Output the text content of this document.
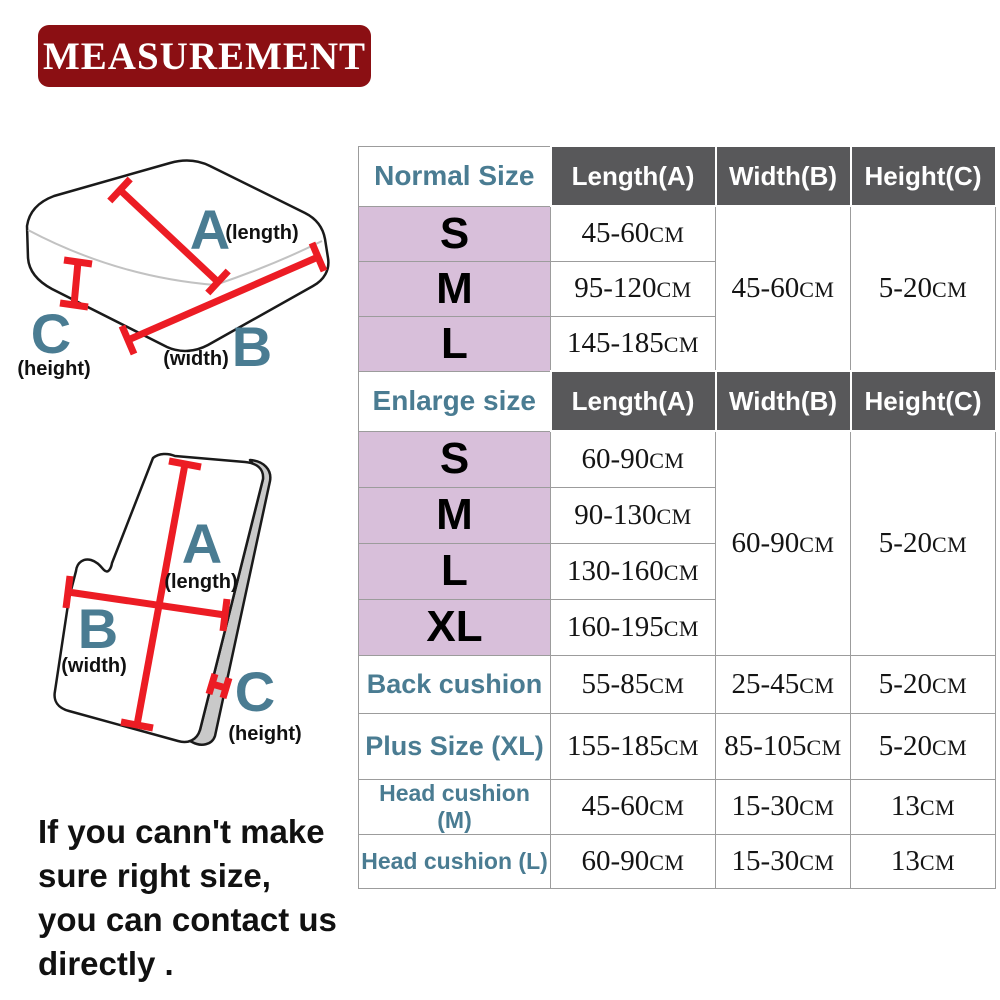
MEASUREMENT
A
(length)
B
(width)
C
(height)
A
(length)
B
(width) C
(height)
If you cann't make
sure right size,
you can contact us
directly .
Normal Size	Length(A)	Width(B)	Height(C)
S	45-60CM	45-60CM	5-20CM
M	95-120CM		
L	145-185CM		
Enlarge size	Length(A)	Width(B)	Height(C)
S	60-90CM	60-90CM	5-20CM
M	90-130CM		
L	130-160CM		
XL	160-195CM		
Back cushion	55-85CM	25-45CM	5-20CM
Plus Size (XL)	155-185CM	85-105CM	5-20CM
Head cushion (M)	45-60CM	15-30CM	13CM
Head cushion (L)	60-90CM	15-30CM	13CM
